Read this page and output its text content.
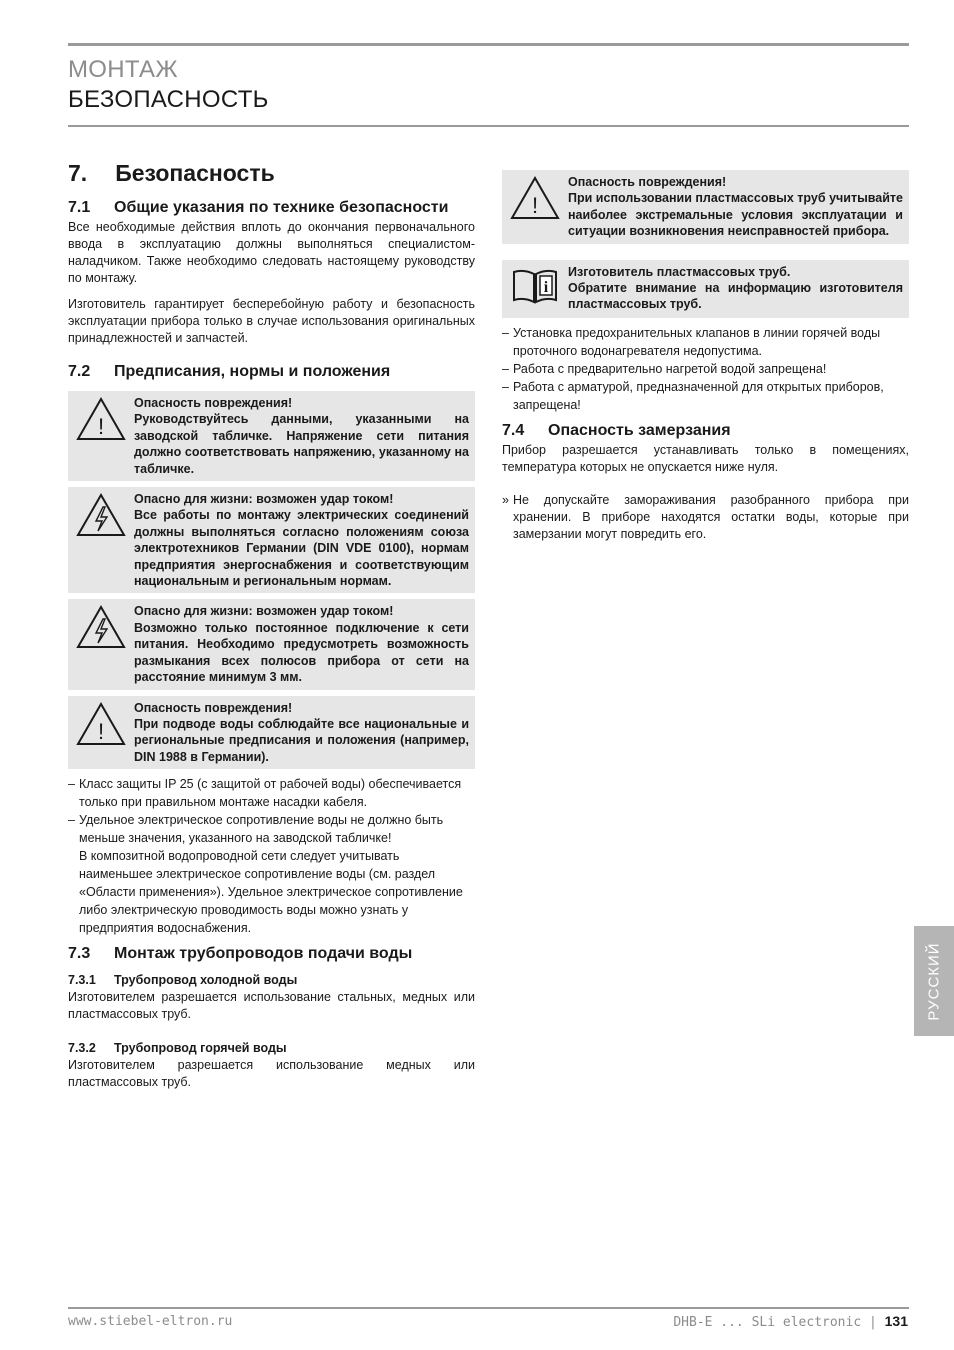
МОНТАЖ
БЕЗОПАСНОСТЬ
7. Безопасность
7.1	Общие указания по технике безопасности

Все необходимые действия вплоть до окончания первоначального ввода в эксплуатацию должны выполняться специалистом-наладчиком. Также необходимо следовать настоящему руководству по монтажу.

Изготовитель гарантирует бесперебойную работу и безопасность эксплуатации прибора только в случае использования оригинальных принадлежностей и запчастей.

7.2	Предписания, нормы и положения
!
Опасность повреждения!
Руководствуйтесь данными, указанными на заводской табличке. Напряжение сети питания должно соответствовать напряжению, указанному на табличке.
Опасно для жизни: возможен удар током!
Все работы по монтажу электрических соединений должны выполняться согласно положениям союза электротехников Германии (DIN VDE 0100), нормам предприятия энергоснабжения и соответствующим национальным и региональным нормам.
Опасно для жизни: возможен удар током!
Возможно только постоянное подключение к сети питания. Необходимо предусмотреть возможность размыкания всех полюсов прибора от сети на расстояние минимум 3 мм.
!
Опасность повреждения!
При подводе воды соблюдайте все национальные и региональные предписания и положения (например, DIN 1988 в Германии).
– Класс защиты IP 25 (с защитой от рабочей воды) обеспечивается только при правильном монтаже насадки кабеля.
– Удельное электрическое сопротивление воды не должно быть меньше значения, указанного на заводской табличке!
В композитной водопроводной сети следует учитывать наименьшее электрическое сопротивление воды (см. раздел «Области применения»). Удельное электрическое сопротивление либо электрическую проводимость воды можно узнать у предприятия водоснабжения.
7.3	Монтаж трубопроводов подачи воды
7.3.1	Трубопровод холодной воды

Изготовителем разрешается использование стальных, медных или пластмассовых труб.

7.3.2	Трубопровод горячей воды

Изготовителем разрешается использование медных или пластмассовых труб.

!
Опасность повреждения!
При использовании пластмассовых труб учитывайте наиболее экстремальные условия эксплуатации и ситуации возникновения неисправностей прибора.
i
Изготовитель пластмассовых труб.
Обратите внимание на информацию изготовителя пластмассовых труб.
– Установка предохранительных клапанов в линии горячей воды проточного водонагревателя недопустима.
– Работа с предварительно нагретой водой запрещена!
– Работа с арматурой, предназначенной для открытых приборов, запрещена!
7.4	Опасность замерзания

Прибор разрешается устанавливать только в помещениях, температура которых не опускается ниже нуля.

» Не допускайте замораживания разобранного прибора при хранении. В приборе находятся остатки воды, которые при замерзании могут повредить его.
РУССКИЙ
www.stiebel-eltron.ru	DHB-E ... SLi electronic | 131
